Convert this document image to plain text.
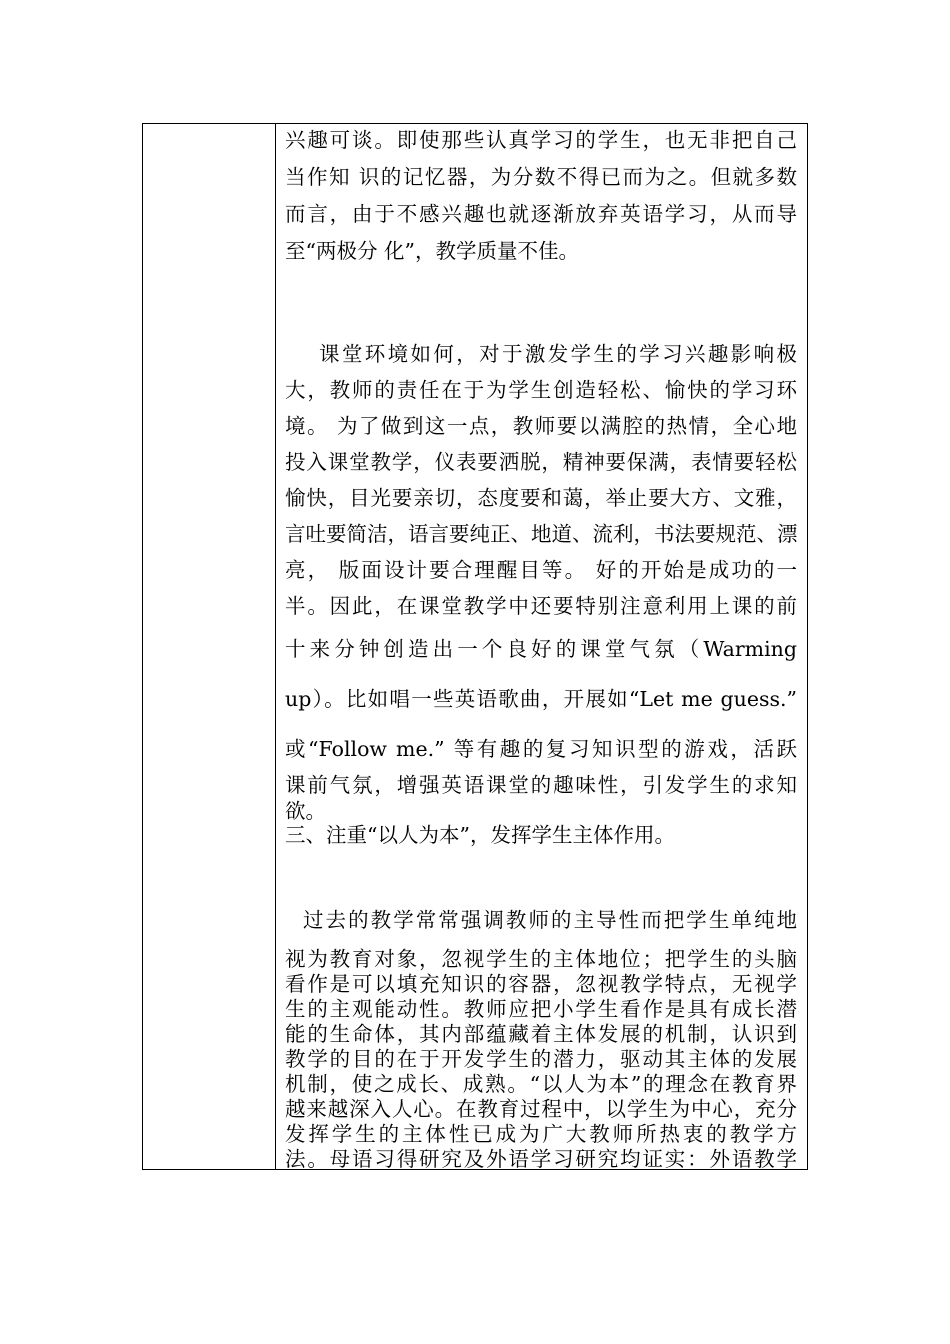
兴趣可谈。即使那些认真学习的学生，也无非把自己
当作知 识的记忆器，为分数不得已而为之。但就多数
而言，由于不感兴趣也就逐渐放弃英语学习，从而导
至“两极分 化”，教学质量不佳。
课堂环境如何，对于激发学生的学习兴趣影响极
大，教师的责任在于为学生创造轻松、愉快的学习环
境。 为了做到这一点，教师要以满腔的热情，全心地
投入课堂教学，仪表要洒脱，精神要保满，表情要轻松
愉快，目光要亲切，态度要和蔼，举止要大方、文雅，
言吐要简洁，语言要纯正、地道、流利，书法要规范、漂
亮， 版面设计要合理醒目等。 好的开始是成功的一
半。因此，在课堂教学中还要特别注意利用上课的前
十来分钟创造出一个良好的课堂气氛（Warming
up）。比如唱一些英语歌曲，开展如“Let me guess.”
或“Follow me.” 等有趣的复习知识型的游戏，活跃
课前气氛，增强英语课堂的趣味性，引发学生的求知
欲。
三、注重“以人为本”，发挥学生主体作用。
过去的教学常常强调教师的主导性而把学生单纯地
视为教育对象，忽视学生的主体地位；把学生的头脑
看作是可以填充知识的容器，忽视教学特点，无视学
生的主观能动性。教师应把小学生看作是具有成长潜
能的生命体，其内部蕴藏着主体发展的机制，认识到
教学的目的在于开发学生的潜力，驱动其主体的发展
机制，使之成长、成熟。“以人为本”的理念在教育界
越来越深入人心。在教育过程中，以学生为中心，充分
发挥学生的主体性已成为广大教师所热衷的教学方
法。母语习得研究及外语学习研究均证实：外语教学
